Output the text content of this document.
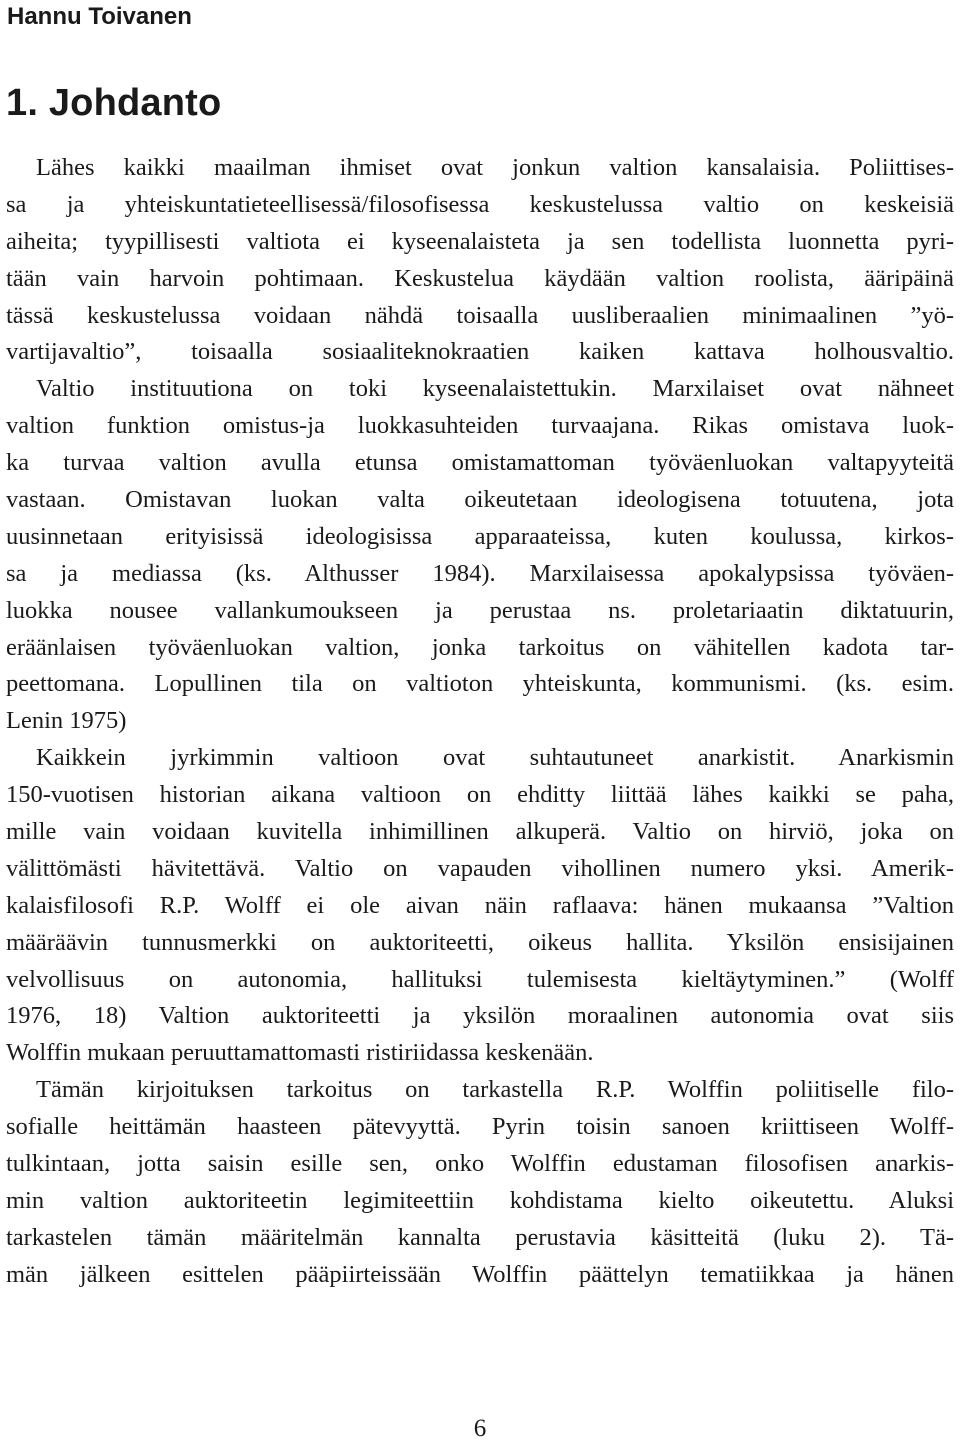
Hannu Toivanen
1. Johdanto
Lähes kaikki maailman ihmiset ovat jonkun valtion kansalaisia. Poliittises-
sa ja yhteiskuntatieteellisessä/filosofisessa keskustelussa valtio on keskeisiä
aiheita; tyypillisesti valtiota ei kyseenalaisteta ja sen todellista luonnetta pyri-
tään vain harvoin pohtimaan. Keskustelua käydään valtion roolista, ääripäinä
tässä keskustelussa voidaan nähdä toisaalla uusliberaalien minimaalinen ”yö-
vartijavaltio”, toisaalla sosiaaliteknokraatien kaiken kattava holhousvaltio.
Valtio instituutiona on toki kyseenalaistettukin. Marxilaiset ovat nähneet
valtion funktion omistus-ja luokkasuhteiden turvaajana. Rikas omistava luok-
ka turvaa valtion avulla etunsa omistamattoman työväenluokan valtapyyteitä
vastaan. Omistavan luokan valta oikeutetaan ideologisena totuutena, jota
uusinnetaan erityisissä ideologisissa apparaateissa, kuten koulussa, kirkos-
sa ja mediassa (ks. Althusser 1984). Marxilaisessa apokalypsissa työväen-
luokka nousee vallankumoukseen ja perustaa ns. proletariaatin diktatuurin,
eräänlaisen työväenluokan valtion, jonka tarkoitus on vähitellen kadota tar-
peettomana. Lopullinen tila on valtioton yhteiskunta, kommunismi. (ks. esim.
Lenin 1975)
Kaikkein jyrkimmin valtioon ovat suhtautuneet anarkistit. Anarkismin
150-vuotisen historian aikana valtioon on ehditty liittää lähes kaikki se paha,
mille vain voidaan kuvitella inhimillinen alkuperä. Valtio on hirviö, joka on
välittömästi hävitettävä. Valtio on vapauden vihollinen numero yksi. Amerik-
kalaisfilosofi R.P. Wolff ei ole aivan näin raflaava: hänen mukaansa ”Valtion
määräävin tunnusmerkki on auktoriteetti, oikeus hallita. Yksilön ensisijainen
velvollisuus on autonomia, hallituksi tulemisesta kieltäytyminen.” (Wolff
1976, 18) Valtion auktoriteetti ja yksilön moraalinen autonomia ovat siis
Wolffin mukaan peruuttamattomasti ristiriidassa keskenään.
Tämän kirjoituksen tarkoitus on tarkastella R.P. Wolffin poliitiselle filo-
sofialle heittämän haasteen pätevyyttä. Pyrin toisin sanoen kriittiseen Wolff-
tulkintaan, jotta saisin esille sen, onko Wolffin edustaman filosofisen anarkis-
min valtion auktoriteetin legimiteettiin kohdistama kielto oikeutettu. Aluksi
tarkastelen tämän määritelmän kannalta perustavia käsitteitä (luku 2). Tä-
män jälkeen esittelen pääpiirteissään Wolffin päättelyn tematiikkaa ja hänen
6
